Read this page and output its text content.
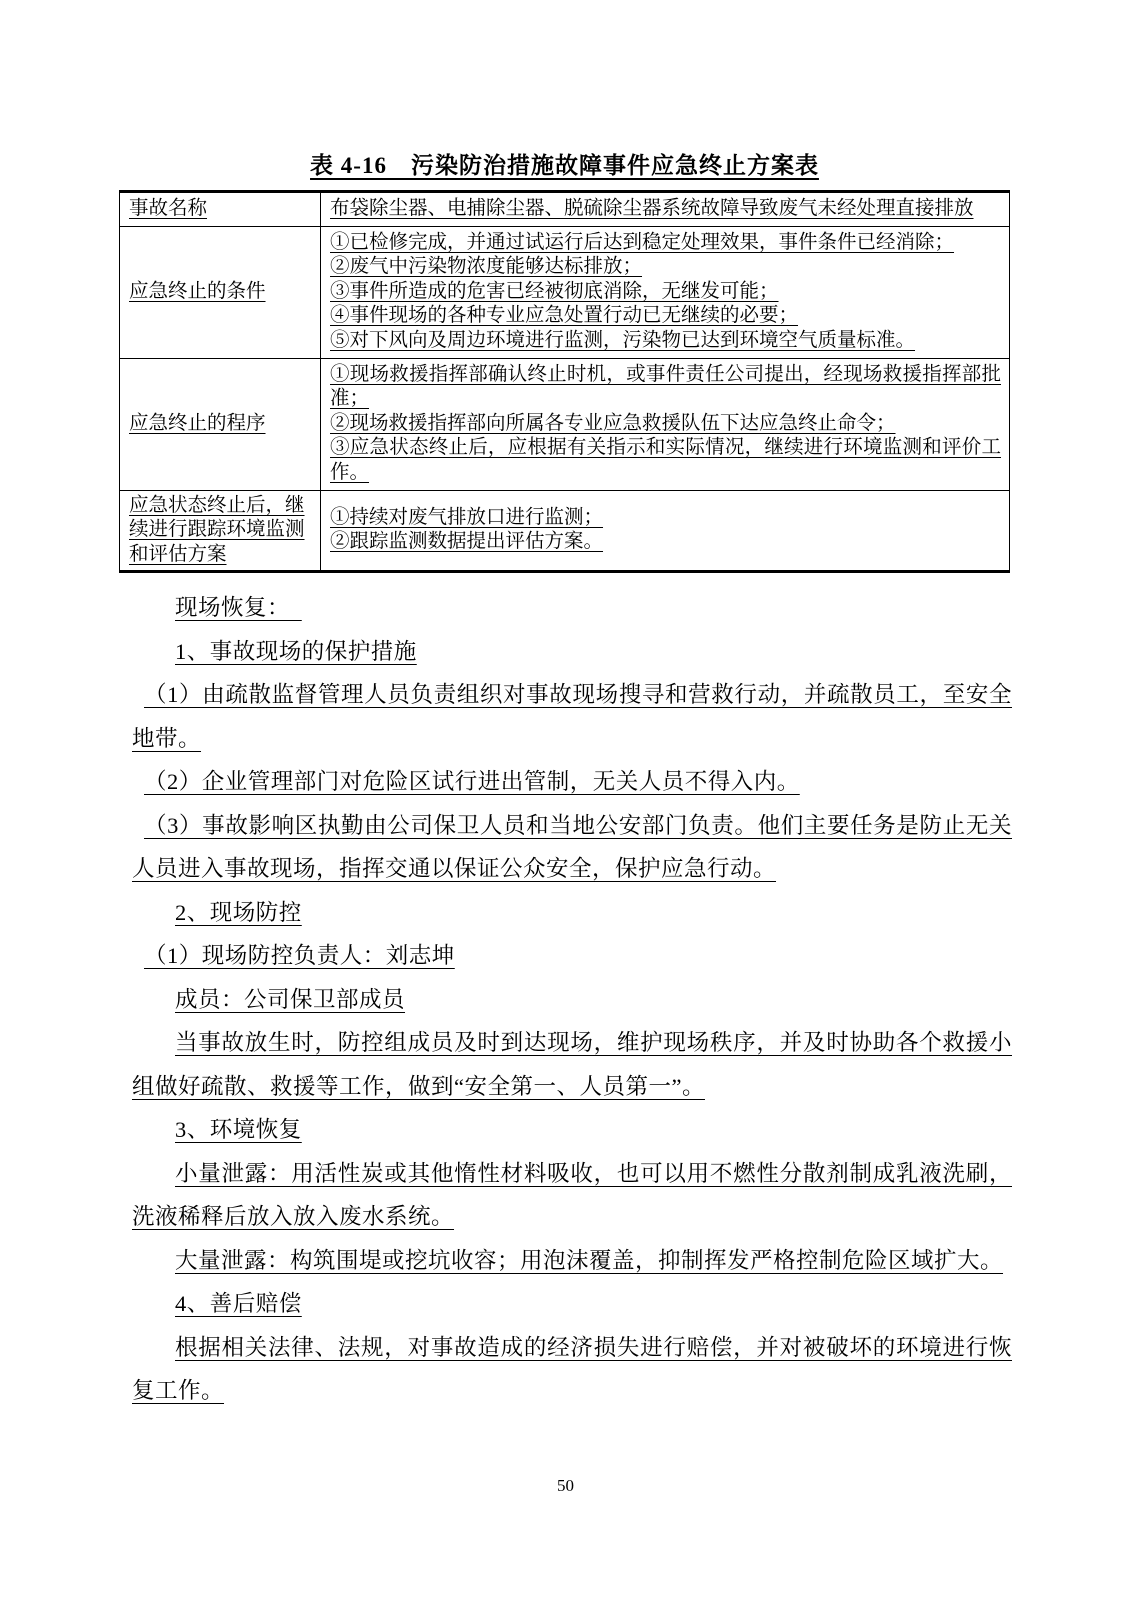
表 4-16　污染防治措施故障事件应急终止方案表
事故名称	布袋除尘器、电捕除尘器、脱硫除尘器系统故障导致废气未经处理直接排放

应急终止的条件	①已检修完成，并通过试运行后达到稳定处理效果，事件条件已经消除；
②废气中污染物浓度能够达标排放；
③事件所造成的危害已经被彻底消除，无继发可能；
④事件现场的各种专业应急处置行动已无继续的必要；
⑤对下风向及周边环境进行监测，污染物已达到环境空气质量标准。

应急终止的程序	①现场救援指挥部确认终止时机，或事件责任公司提出，经现场救援指挥部批准；
②现场救援指挥部向所属各专业应急救援队伍下达应急终止命令；
③应急状态终止后，应根据有关指示和实际情况，继续进行环境监测和评价工作。

应急状态终止后，继续进行跟踪环境监测和评估方案	①持续对废气排放口进行监测；
②跟踪监测数据提出评估方案。
现场恢复：　
1、事故现场的保护措施
（1）由疏散监督管理人员负责组织对事故现场搜寻和营救行动，并疏散员工，至安全地带。
（2）企业管理部门对危险区试行进出管制，无关人员不得入内。
（3）事故影响区执勤由公司保卫人员和当地公安部门负责。他们主要任务是防止无关人员进入事故现场，指挥交通以保证公众安全，保护应急行动。
2、现场防控
（1）现场防控负责人：刘志坤
成员：公司保卫部成员
当事故放生时，防控组成员及时到达现场，维护现场秩序，并及时协助各个救援小组做好疏散、救援等工作，做到“安全第一、人员第一”。
3、环境恢复
小量泄露：用活性炭或其他惰性材料吸收，也可以用不燃性分散剂制成乳液洗刷，洗液稀释后放入放入废水系统。
大量泄露：构筑围堤或挖坑收容；用泡沫覆盖，抑制挥发严格控制危险区域扩大。
4、善后赔偿
根据相关法律、法规，对事故造成的经济损失进行赔偿，并对被破坏的环境进行恢复工作。
50
